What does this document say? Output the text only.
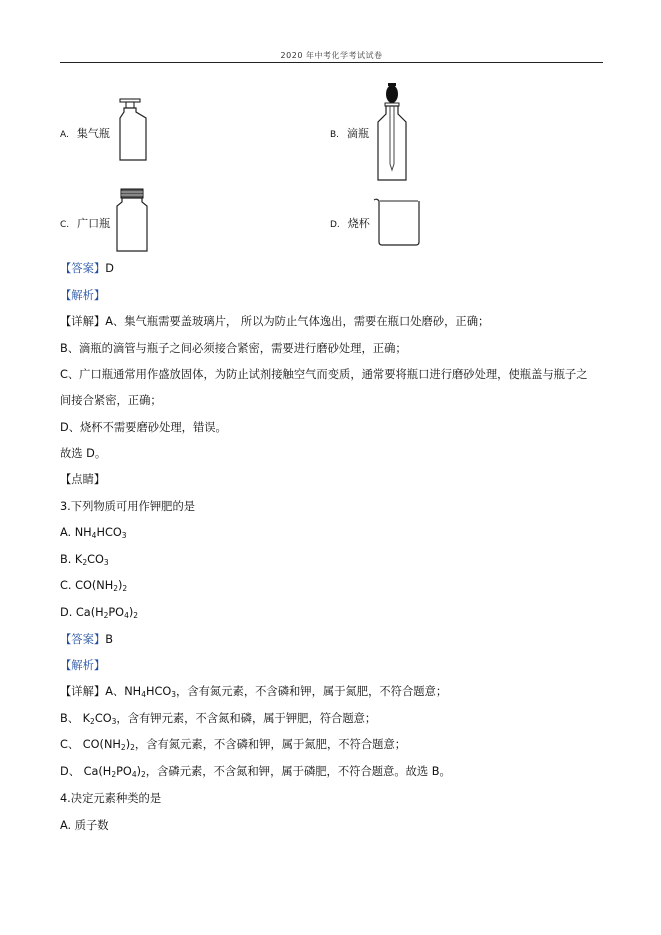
2020 年中考化学考试试卷
A. 集气瓶	B. 滴瓶
C. 广口瓶	D. 烧杯
【答案】D
【解析】
【详解】A、集气瓶需要盖玻璃片， 所以为防止气体逸出，需要在瓶口处磨砂，正确；
B、滴瓶的滴管与瓶子之间必须接合紧密，需要进行磨砂处理，正确；
C、广口瓶通常用作盛放固体，为防止试剂接触空气而变质，通常要将瓶口进行磨砂处理，使瓶盖与瓶子之
间接合紧密，正确；
D、烧杯不需要磨砂处理，错误。
故选 D。
【点睛】
3.下列物质可用作钾肥的是
A. $NH_4HCO_3$
B. $K_2CO_3$
C. $CO(NH_2)_2$
D. $Ca(H_2PO_4)_2$
【答案】B
【解析】
【详解】A、$NH_4HCO_3$，含有氮元素，不含磷和钾，属于氮肥，不符合题意；
B、 $K_2CO_3$，含有钾元素，不含氮和磷，属于钾肥，符合题意；
C、 $CO(NH_2)_2$，含有氮元素，不含磷和钾，属于氮肥，不符合题意；
D、 $Ca(H_2PO_4)_2$，含磷元素，不含氮和钾，属于磷肥，不符合题意。故选 B。
4.决定元素种类的是
A. 质子数
